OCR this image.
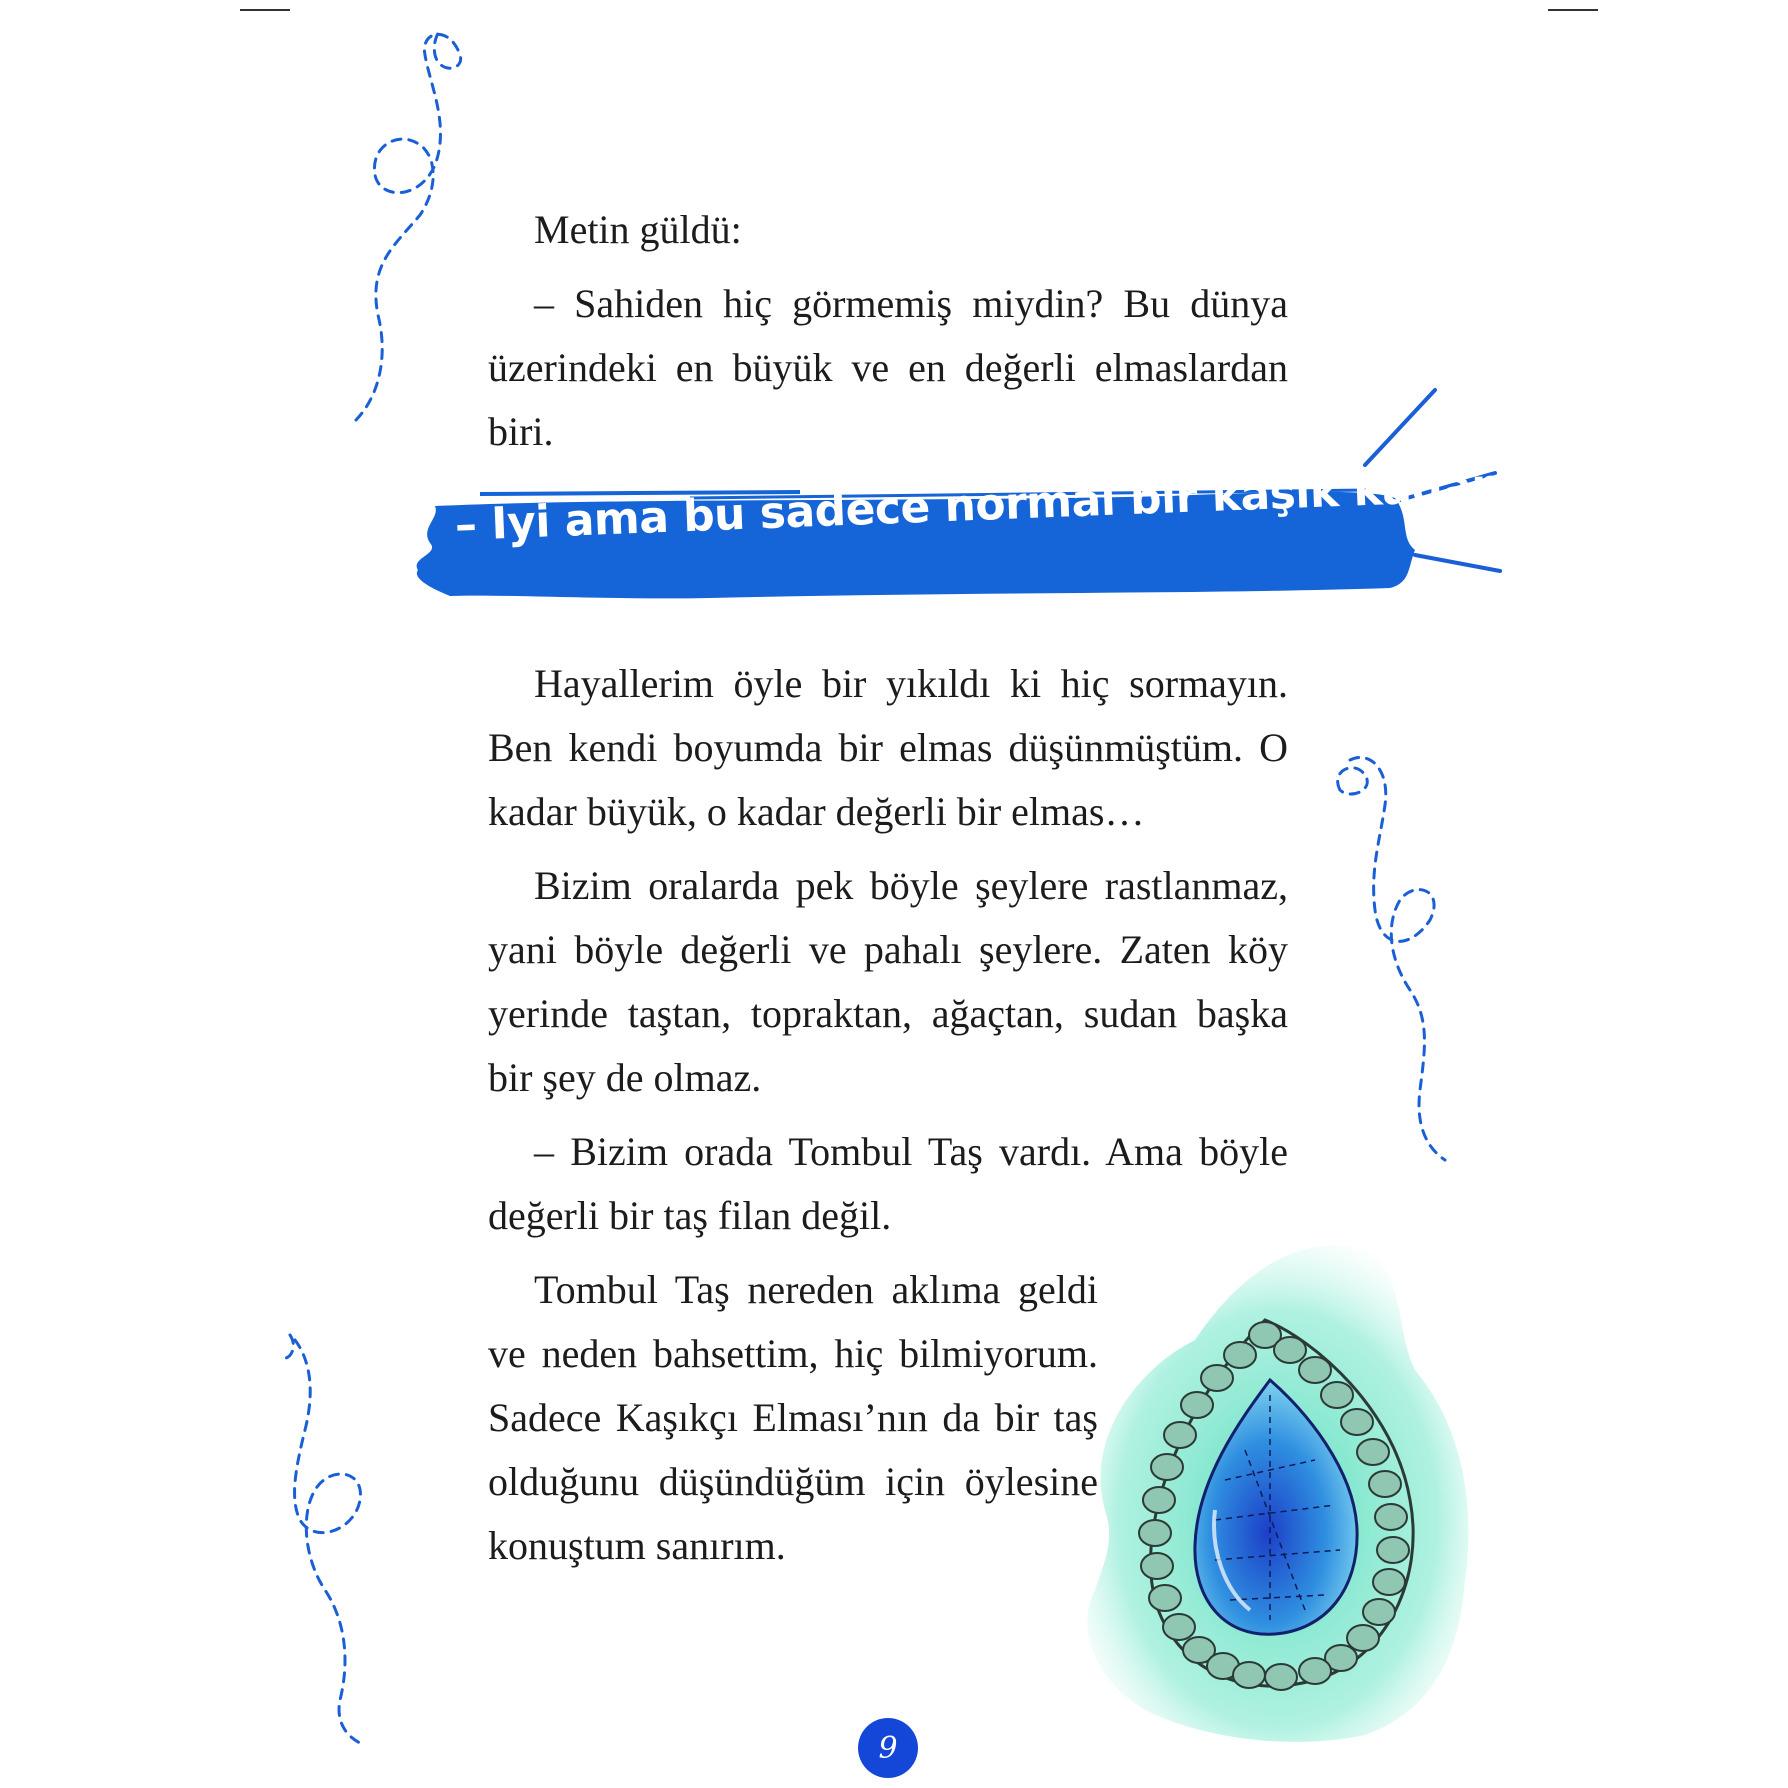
– İyi ama bu sadece normal bir kaşık kadar…

Metin güldü:

– Sahiden hiç görmemiş miydin? Bu dünya üzerindeki en büyük ve en değerli elmaslardan biri.

Hayallerim öyle bir yıkıldı ki hiç sormayın. Ben kendi boyumda bir elmas düşünmüştüm. O kadar büyük, o kadar değerli bir elmas…

Bizim oralarda pek böyle şeylere rastlanmaz, yani böyle değerli ve pahalı şeylere. Zaten köy yerinde taştan, topraktan, ağaçtan, sudan başka bir şey de olmaz.

– Bizim orada Tombul Taş vardı. Ama böyle değerli bir taş filan değil.

Tombul Taş nereden aklıma geldi ve neden bahsettim, hiç bilmiyorum. Sadece Kaşıkçı Elması’nın da bir taş olduğunu düşündüğüm için öylesine konuştum sanırım.

9
